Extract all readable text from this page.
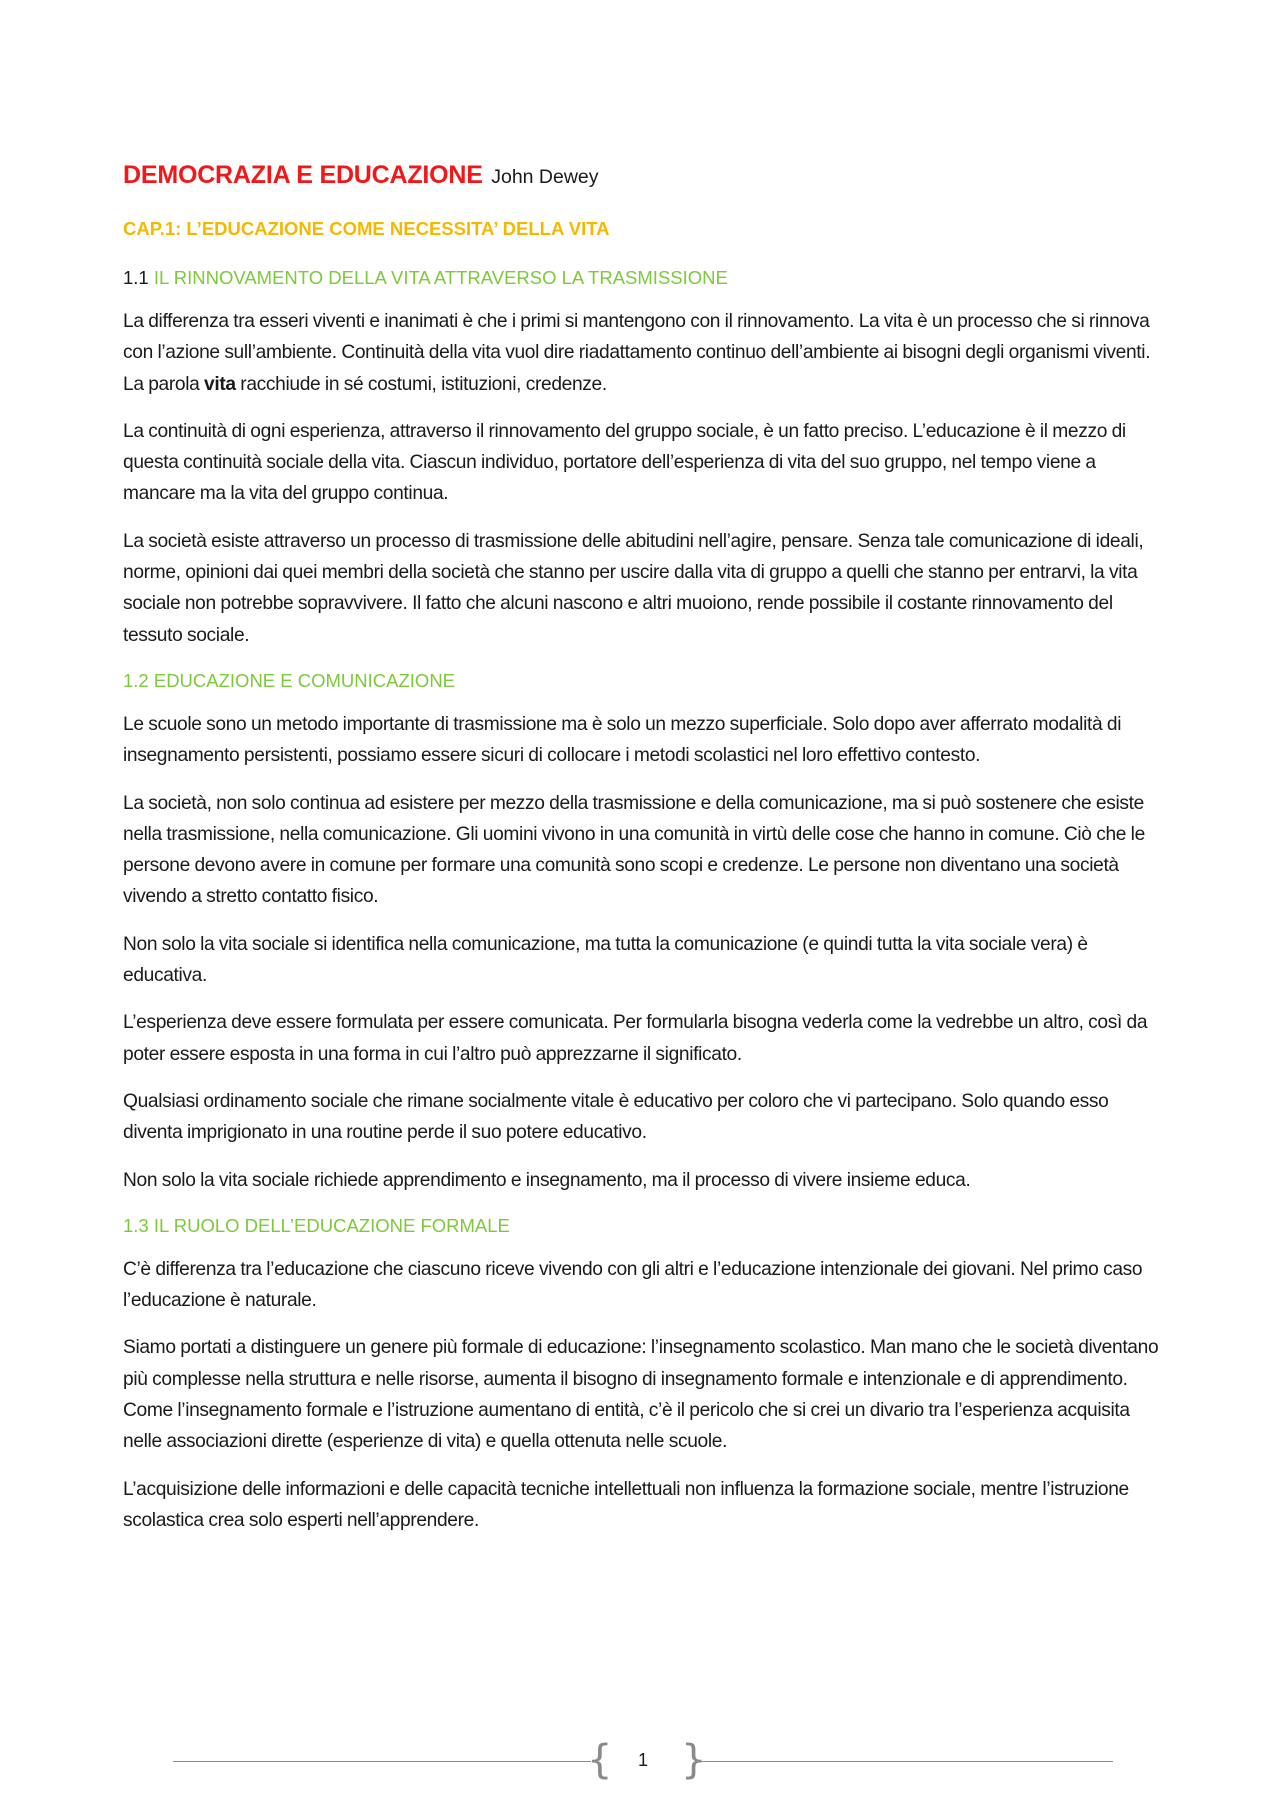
DEMOCRAZIA E EDUCAZIONE John Dewey
CAP.1: L’EDUCAZIONE COME NECESSITA’ DELLA VITA
1.1 IL RINNOVAMENTO DELLA VITA ATTRAVERSO LA TRASMISSIONE

La differenza tra esseri viventi e inanimati è che i primi si mantengono con il rinnovamento. La vita è un processo che si rinnova con l’azione sull’ambiente. Continuità della vita vuol dire riadattamento continuo dell’ambiente ai bisogni degli organismi viventi. La parola vita racchiude in sé costumi, istituzioni, credenze.

La continuità di ogni esperienza, attraverso il rinnovamento del gruppo sociale, è un fatto preciso. L’educazione è il mezzo di questa continuità sociale della vita. Ciascun individuo, portatore dell’esperienza di vita del suo gruppo, nel tempo viene a mancare ma la vita del gruppo continua.

La società esiste attraverso un processo di trasmissione delle abitudini nell’agire, pensare. Senza tale comunicazione di ideali, norme, opinioni dai quei membri della società che stanno per uscire dalla vita di gruppo a quelli che stanno per entrarvi, la vita sociale non potrebbe sopravvivere. Il fatto che alcuni nascono e altri muoiono, rende possibile il costante rinnovamento del tessuto sociale.

1.2 EDUCAZIONE E COMUNICAZIONE

Le scuole sono un metodo importante di trasmissione ma è solo un mezzo superficiale. Solo dopo aver afferrato modalità di insegnamento persistenti, possiamo essere sicuri di collocare i metodi scolastici nel loro effettivo contesto.

La società, non solo continua ad esistere per mezzo della trasmissione e della comunicazione, ma si può sostenere che esiste nella trasmissione, nella comunicazione. Gli uomini vivono in una comunità in virtù delle cose che hanno in comune. Ciò che le persone devono avere in comune per formare una comunità sono scopi e credenze. Le persone non diventano una società vivendo a stretto contatto fisico.

Non solo la vita sociale si identifica nella comunicazione, ma tutta la comunicazione (e quindi tutta la vita sociale vera) è educativa.

L’esperienza deve essere formulata per essere comunicata. Per formularla bisogna vederla come la vedrebbe un altro, così da poter essere esposta in una forma in cui l’altro può apprezzarne il significato.

Qualsiasi ordinamento sociale che rimane socialmente vitale è educativo per coloro che vi partecipano. Solo quando esso diventa imprigionato in una routine perde il suo potere educativo.

Non solo la vita sociale richiede apprendimento e insegnamento, ma il processo di vivere insieme educa.

1.3 IL RUOLO DELL’EDUCAZIONE FORMALE

C’è differenza tra l’educazione che ciascuno riceve vivendo con gli altri e l’educazione intenzionale dei giovani. Nel primo caso l’educazione è naturale.

Siamo portati a distinguere un genere più formale di educazione: l’insegnamento scolastico. Man mano che le società diventano più complesse nella struttura e nelle risorse, aumenta il bisogno di insegnamento formale e intenzionale e di apprendimento. Come l’insegnamento formale e l’istruzione aumentano di entità, c’è il pericolo che si crei un divario tra l’esperienza acquisita nelle associazioni dirette (esperienze di vita) e quella ottenuta nelle scuole.

L’acquisizione delle informazioni e delle capacità tecniche intellettuali non influenza la formazione sociale, mentre l’istruzione scolastica crea solo esperti nell’apprendere.

{	1 }
